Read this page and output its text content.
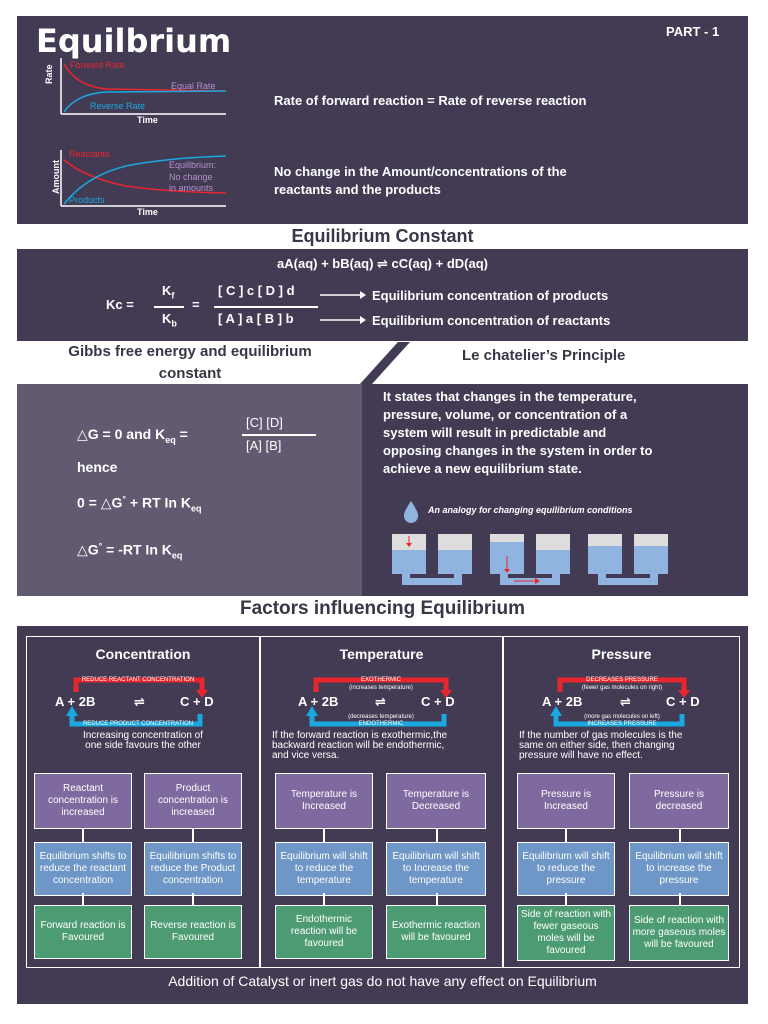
Equilbrium	PART - 1
Forward Rate
Equal Rate
Reverse Rate
Rate
Time
Rate of forward reaction = Rate of reverse reaction
Reactants
Equilibrium:
No change
in amounts
Products
Amount
Time
No change in the Amount/concentrations of the
reactants and the products
Equilibrium Constant
aA(aq) + bB(aq) ⇌ cC(aq) + dD(aq)
Kc =
$K_f$
$K_b$
=
[ C ] c [ D ] d
[ A ] a [ B ] b
Equilibrium concentration of products
Equilibrium concentration of reactants
Gibbs free energy and equilibrium
constant
Le chatelier’s Principle
△G = 0 and $K_{eq}$ =
[C] [D]
[A] [B]
hence
0 = △G° + RT In $K_{eq}$
△G° = -RT In $K_{eq}$
It states that changes in the temperature,
pressure, volume, or concentration of a
system will result in predictable and
opposing changes in the system in order to
achieve a new equilibrium state.
An analogy for changing equilibrium conditions
Factors influencing Equilibrium
Concentration
REDUCE REACTANT CONCENTRATION
REDUCE PRODUCT CONCENTRATION
A + 2B	⇌	C + D
Increasing concentration of
one side favours the other
Reactant concentration is increased
Product concentration is increased
Equilibrium shifts to reduce the reactant concentration
Equilibrium shifts to reduce the Product concentration
Forward reaction is Favoured
Reverse reaction is Favoured
Temperature
EXOTHERMIC
(increases temperature)
(decreases temperature)
ENDOTHERMIC
A + 2B	⇌	C + D
If the forward reaction is exothermic,the
backward reaction will be endothermic,
and vice versa.
Temperature is Increased
Temperature is Decreased
Equilibrium will shift to reduce the temperature
Equilibrium will shift to Increase the temperature
Endothermic reaction will be favoured
Exothermic reaction will be favoured
Pressure
DECREASES PRESSURE
(fewer gas molecules on right)
(more gas molecules on left)
INCREASES PRESSURE
A + 2B	⇌	C + D
If the number of gas molecules is the
same on either side, then changing
pressure will have no effect.
Pressure is Increased
Pressure is decreased
Equilibrium will shift to reduce the pressure
Equilibrium will shift to increase the pressure
Side of reaction with fewer gaseous moles will be favoured
Side of reaction with more gaseous moles will be favoured
Addition of Catalyst or inert gas do not have any effect on Equilibrium
